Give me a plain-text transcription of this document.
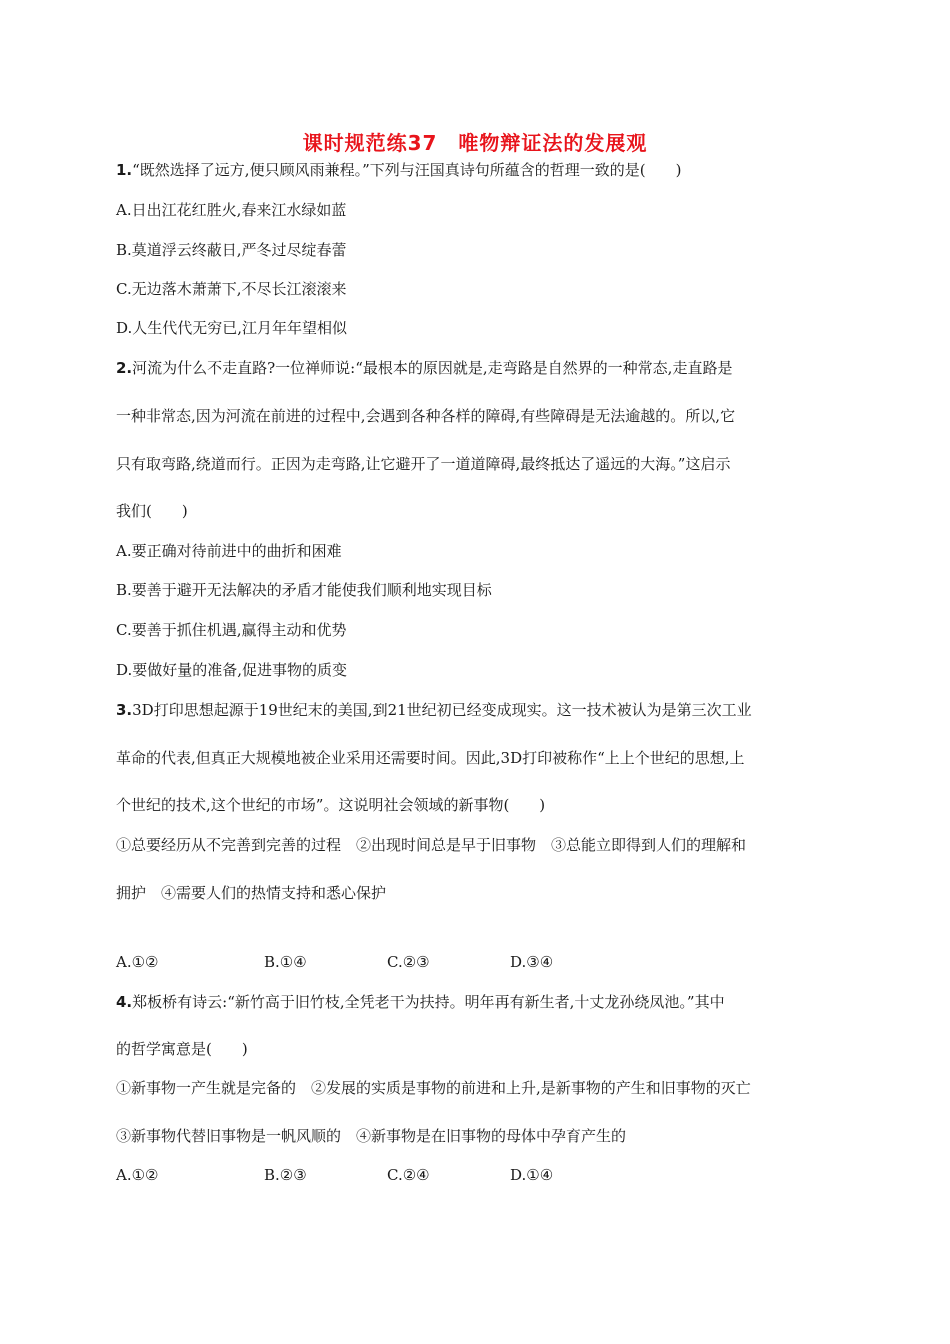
课时规范练37　唯物辩证法的发展观
1.“既然选择了远方,便只顾风雨兼程。”下列与汪国真诗句所蕴含的哲理一致的是(　　)
A.日出江花红胜火,春来江水绿如蓝
B.莫道浮云终蔽日,严冬过尽绽春蕾
C.无边落木萧萧下,不尽长江滚滚来
D.人生代代无穷已,江月年年望相似
2.河流为什么不走直路?一位禅师说:“最根本的原因就是,走弯路是自然界的一种常态,走直路是
一种非常态,因为河流在前进的过程中,会遇到各种各样的障碍,有些障碍是无法逾越的。所以,它
只有取弯路,绕道而行。正因为走弯路,让它避开了一道道障碍,最终抵达了遥远的大海。”这启示
我们(　　)
A.要正确对待前进中的曲折和困难
B.要善于避开无法解决的矛盾才能使我们顺利地实现目标
C.要善于抓住机遇,赢得主动和优势
D.要做好量的准备,促进事物的质变
3.3D打印思想起源于19世纪末的美国,到21世纪初已经变成现实。这一技术被认为是第三次工业
革命的代表,但真正大规模地被企业采用还需要时间。因此,3D打印被称作“上上个世纪的思想,上
个世纪的技术,这个世纪的市场”。这说明社会领域的新事物(　　)
①总要经历从不完善到完善的过程　②出现时间总是早于旧事物　③总能立即得到人们的理解和
拥护　④需要人们的热情支持和悉心保护
A.①②	B.①④	C.②③	D.③④
4.郑板桥有诗云:“新竹高于旧竹枝,全凭老干为扶持。明年再有新生者,十丈龙孙绕凤池。”其中
的哲学寓意是(　　)
①新事物一产生就是完备的　②发展的实质是事物的前进和上升,是新事物的产生和旧事物的灭亡
③新事物代替旧事物是一帆风顺的　④新事物是在旧事物的母体中孕育产生的
A.①②	B.②③	C.②④	D.①④
